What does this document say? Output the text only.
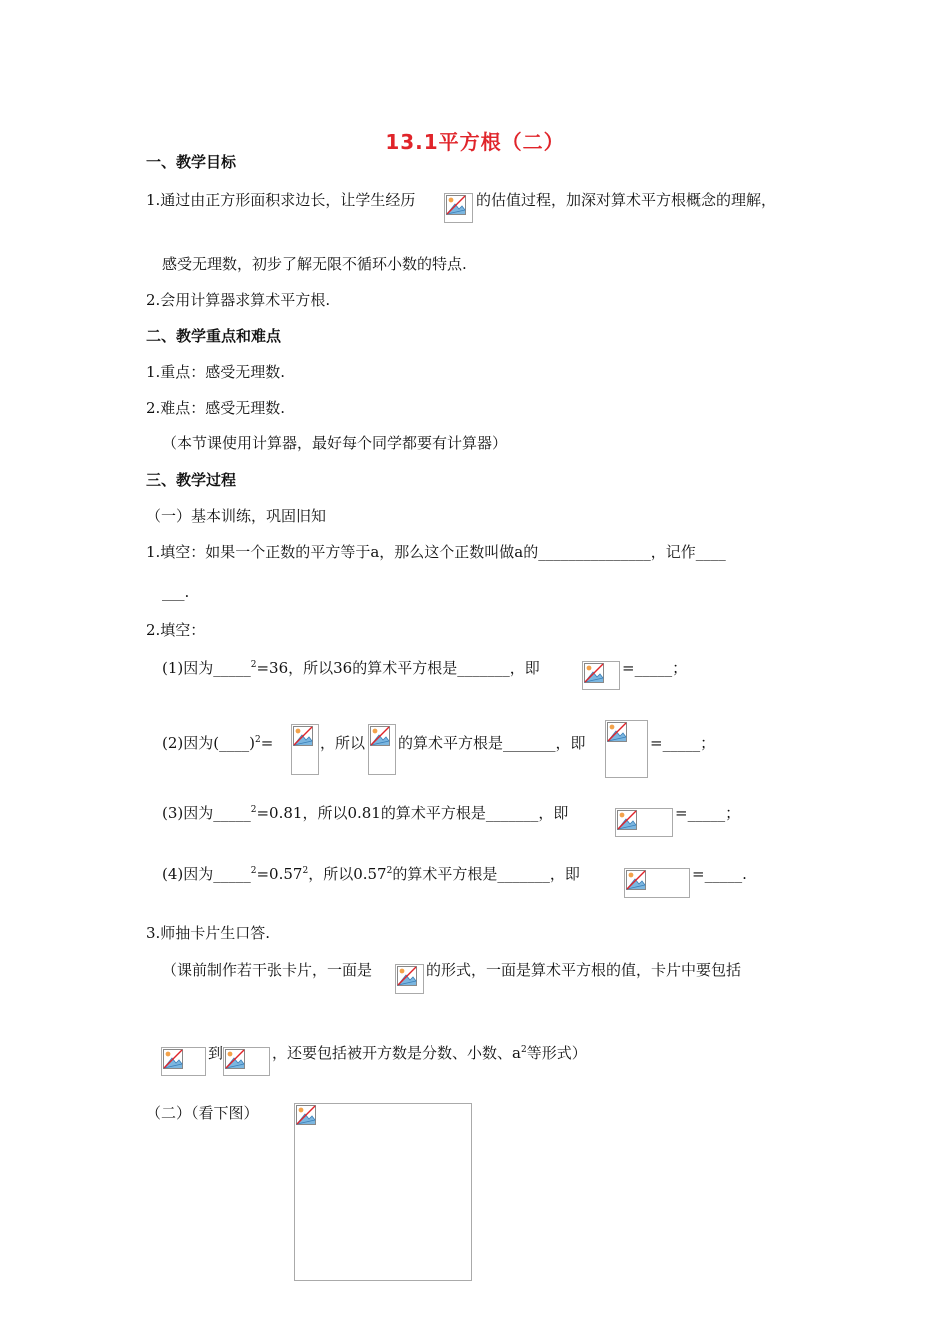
13.1平方根（二）
一、教学目标
1.通过由正方形面积求边长，让学生经历	的估值过程，加深对算术平方根概念的理解，
感受无理数，初步了解无限不循环小数的特点.
2.会用计算器求算术平方根.
二、教学重点和难点
1.重点：感受无理数.
2.难点：感受无理数.
（本节课使用计算器，最好每个同学都要有计算器）
三、教学过程
（一）基本训练，巩固旧知
1.填空：如果一个正数的平方等于a，那么这个正数叫做a的_______________，记作____
___.
2.填空：
(1)因为_____$^2$=36，所以36的算术平方根是_______，即	=_____；
(2)因为(____)$^2$=	，所以 的算术平方根是_______，即	=_____；
(3)因为_____$^2$=0.81，所以0.81的算术平方根是_______，即	=_____；
(4)因为$\_\_\_\_\_^2=0.57^2$，所以0.57$^2$的算术平方根是_______，即	=_____.
3.师抽卡片生口答.
（课前制作若干张卡片，一面是	的形式，一面是算术平方根的值，卡片中要包括
到	，还要包括被开方数是分数、小数、$a^2$等形式）
（二）（看下图）
